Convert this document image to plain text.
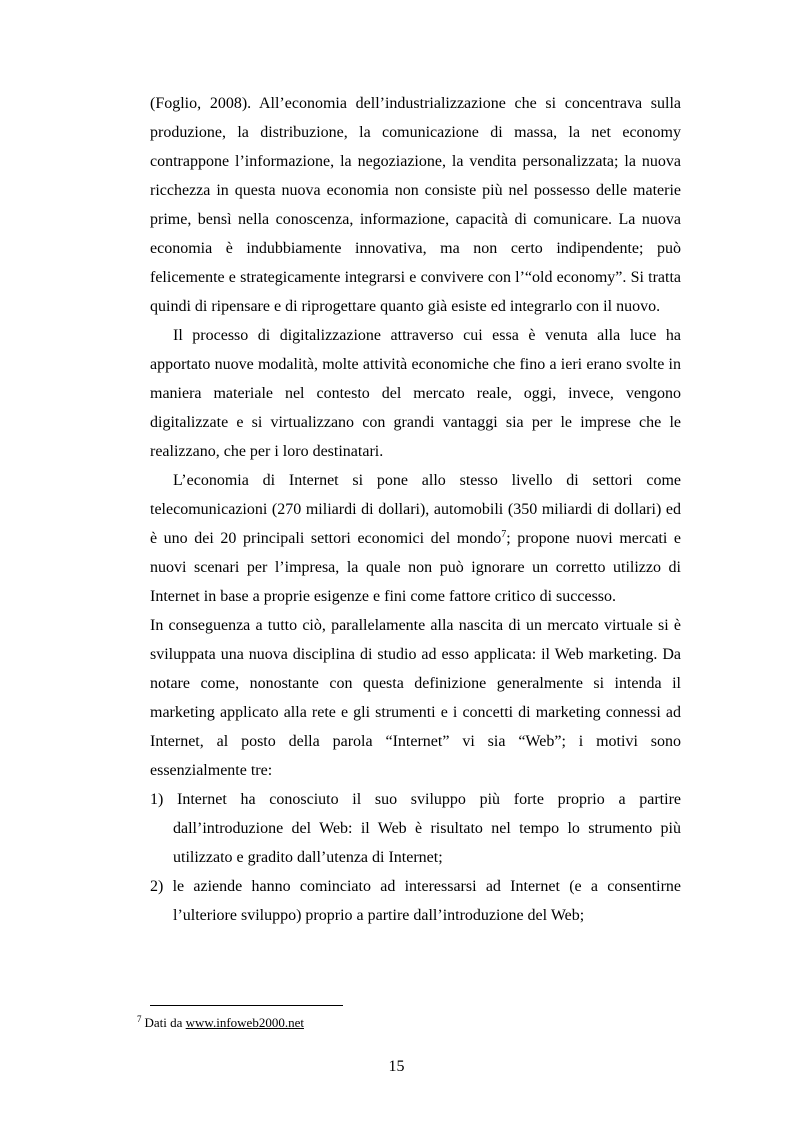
(Foglio, 2008). All’economia dell’industrializzazione che si concentrava sulla produzione, la distribuzione, la comunicazione di massa, la net economy contrappone l’informazione, la negoziazione, la vendita personalizzata; la nuova ricchezza in questa nuova economia non consiste più nel possesso delle materie prime, bensì nella conoscenza, informazione, capacità di comunicare. La nuova economia è indubbiamente innovativa, ma non certo indipendente; può felicemente e strategicamente integrarsi e convivere con l’“old economy”. Si tratta quindi di ripensare e di riprogettare quanto già esiste ed integrarlo con il nuovo.

Il processo di digitalizzazione attraverso cui essa è venuta alla luce ha apportato nuove modalità, molte attività economiche che fino a ieri erano svolte in maniera materiale nel contesto del mercato reale, oggi, invece, vengono digitalizzate e si virtualizzano con grandi vantaggi sia per le imprese che le realizzano, che per i loro destinatari.

L’economia di Internet si pone allo stesso livello di settori come telecomunicazioni (270 miliardi di dollari), automobili (350 miliardi di dollari) ed è uno dei 20 principali settori economici del mondo$^7$; propone nuovi mercati e nuovi scenari per l’impresa, la quale non può ignorare un corretto utilizzo di Internet in base a proprie esigenze e fini come fattore critico di successo.

In conseguenza a tutto ciò, parallelamente alla nascita di un mercato virtuale si è sviluppata una nuova disciplina di studio ad esso applicata: il Web marketing. Da notare come, nonostante con questa definizione generalmente si intenda il marketing applicato alla rete e gli strumenti e i concetti di marketing connessi ad Internet, al posto della parola “Internet” vi sia “Web”; i motivi sono essenzialmente tre:

1) Internet ha conosciuto il suo sviluppo più forte proprio a partire dall’introduzione del Web: il Web è risultato nel tempo lo strumento più utilizzato e gradito dall’utenza di Internet;

2) le aziende hanno cominciato ad interessarsi ad Internet (e a consentirne l’ulteriore sviluppo) proprio a partire dall’introduzione del Web;

$^7$ Dati da www.infoweb2000.net
15
